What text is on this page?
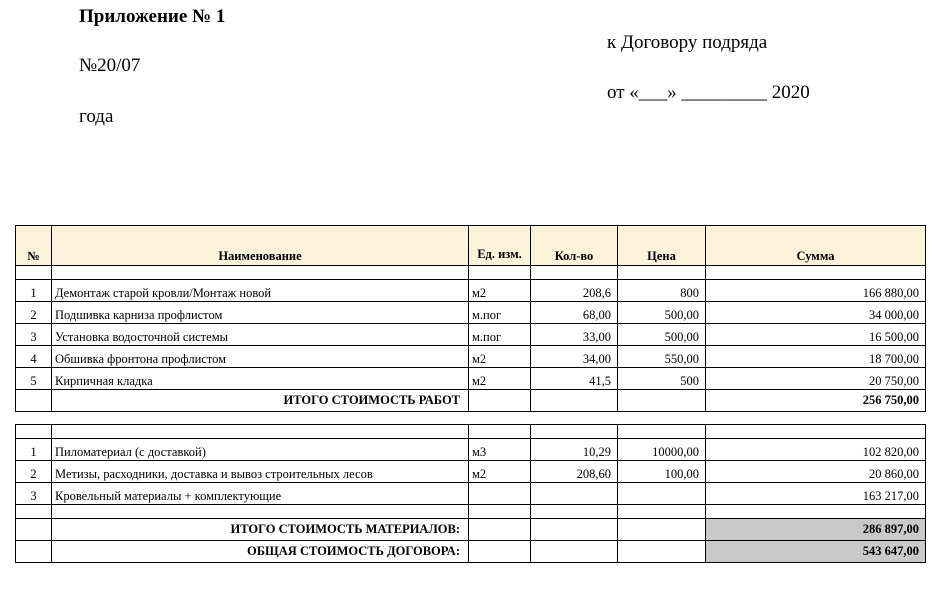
Приложение № 1
№20/07
года
к Договору подряда
от «___» _________ 2020
№	Наименование	Ед. изм.	Кол-во	Цена	Сумма

1	Демонтаж старой кровли/Монтаж новой	м2	208,6	800	166 880,00
2	Подшивка карниза профлистом	м.пог	68,00	500,00	34 000,00
3	Установка водосточной системы	м.пог	33,00	500,00	16 500,00
4	Обшивка фронтона профлистом	м2	34,00	550,00	18 700,00
5	Кирпичная кладка	м2	41,5	500	20 750,00
	ИТОГО СТОИМОСТЬ РАБОТ				256 750,00

1	Пиломатериал (с доставкой)	м3	10,29	10000,00	102 820,00
2	Метизы, расходники, доставка и вывоз строительных лесов	м2	208,60	100,00	20 860,00
3	Кровельный материалы + комплектующие				163 217,00

	ИТОГО СТОИМОСТЬ МАТЕРИАЛОВ:				286 897,00
	ОБЩАЯ СТОИМОСТЬ ДОГОВОРА:				543 647,00
